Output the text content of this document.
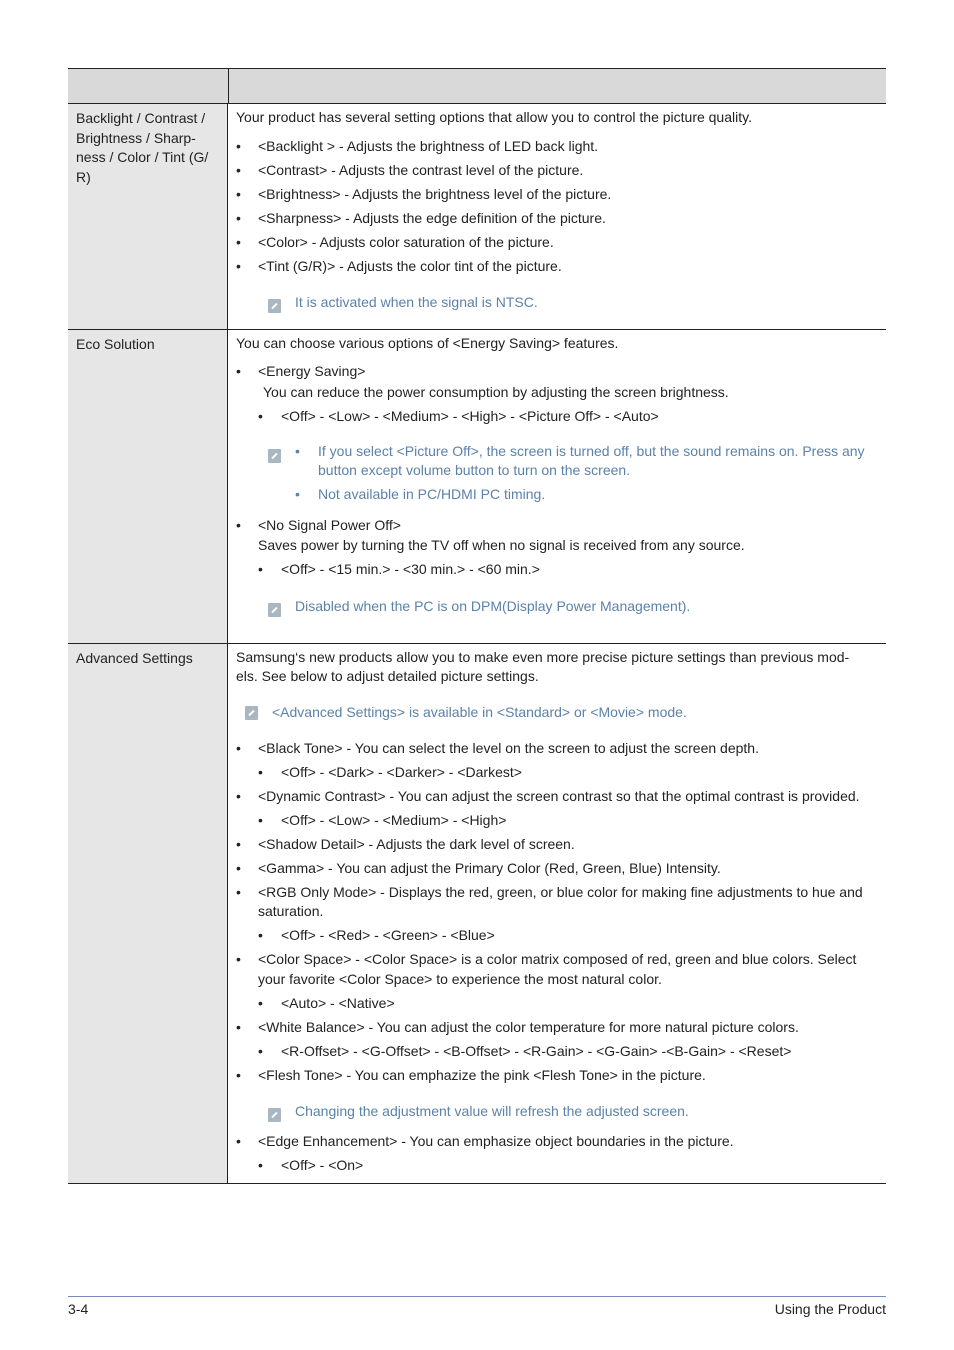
Backlight / Contrast / Brightness / Sharp- ness / Color / Tint (G/ R)
Your product has several setting options that allow you to control the picture quality.
• <Backlight > - Adjusts the brightness of LED back light.
• <Contrast> - Adjusts the contrast level of the picture.
• <Brightness> - Adjusts the brightness level of the picture.
• <Sharpness> - Adjusts the edge definition of the picture.
• <Color> - Adjusts color saturation of the picture.
• <Tint (G/R)> - Adjusts the color tint of the picture.
It is activated when the signal is NTSC.
Eco Solution	You can choose various options of <Energy Saving> features.
• <Energy Saving>
You can reduce the power consumption by adjusting the screen brightness.
• <Off> - <Low> - <Medium> - <High> - <Picture Off> - <Auto>
• If you select <Picture Off>, the screen is turned off, but the sound remains on. Press any
button except volume button to turn on the screen.
• Not available in PC/HDMI PC timing.
• <No Signal Power Off>
Saves power by turning the TV off when no signal is received from any source.
• <Off> - <15 min.> - <30 min.> - <60 min.>
Disabled when the PC is on DPM(Display Power Management).
Advanced Settings	Samsung‘s new products allow you to make even more precise picture settings than previous mod-
els. See below to adjust detailed picture settings.
<Advanced Settings> is available in <Standard> or <Movie> mode.
• <Black Tone> - You can select the level on the screen to adjust the screen depth.
• <Off> - <Dark> - <Darker> - <Darkest>
• <Dynamic Contrast> - You can adjust the screen contrast so that the optimal contrast is provided.
• <Off> - <Low> - <Medium> - <High>
• <Shadow Detail> - Adjusts the dark level of screen.
• <Gamma> - You can adjust the Primary Color (Red, Green, Blue) Intensity.
• <RGB Only Mode> - Displays the red, green, or blue color for making fine adjustments to hue and
saturation.
• <Off> - <Red> - <Green> - <Blue>
• <Color Space> - <Color Space> is a color matrix composed of red, green and blue colors. Select
your favorite <Color Space> to experience the most natural color.
• <Auto> - <Native>
• <White Balance> - You can adjust the color temperature for more natural picture colors.
• <R-Offset> - <G-Offset> - <B-Offset> - <R-Gain> - <G-Gain> -<B-Gain> - <Reset>
• <Flesh Tone> - You can emphazize the pink <Flesh Tone> in the picture.
Changing the adjustment value will refresh the adjusted screen.
• <Edge Enhancement> - You can emphasize object boundaries in the picture.
• <Off> - <On>
3-4	Using the Product
